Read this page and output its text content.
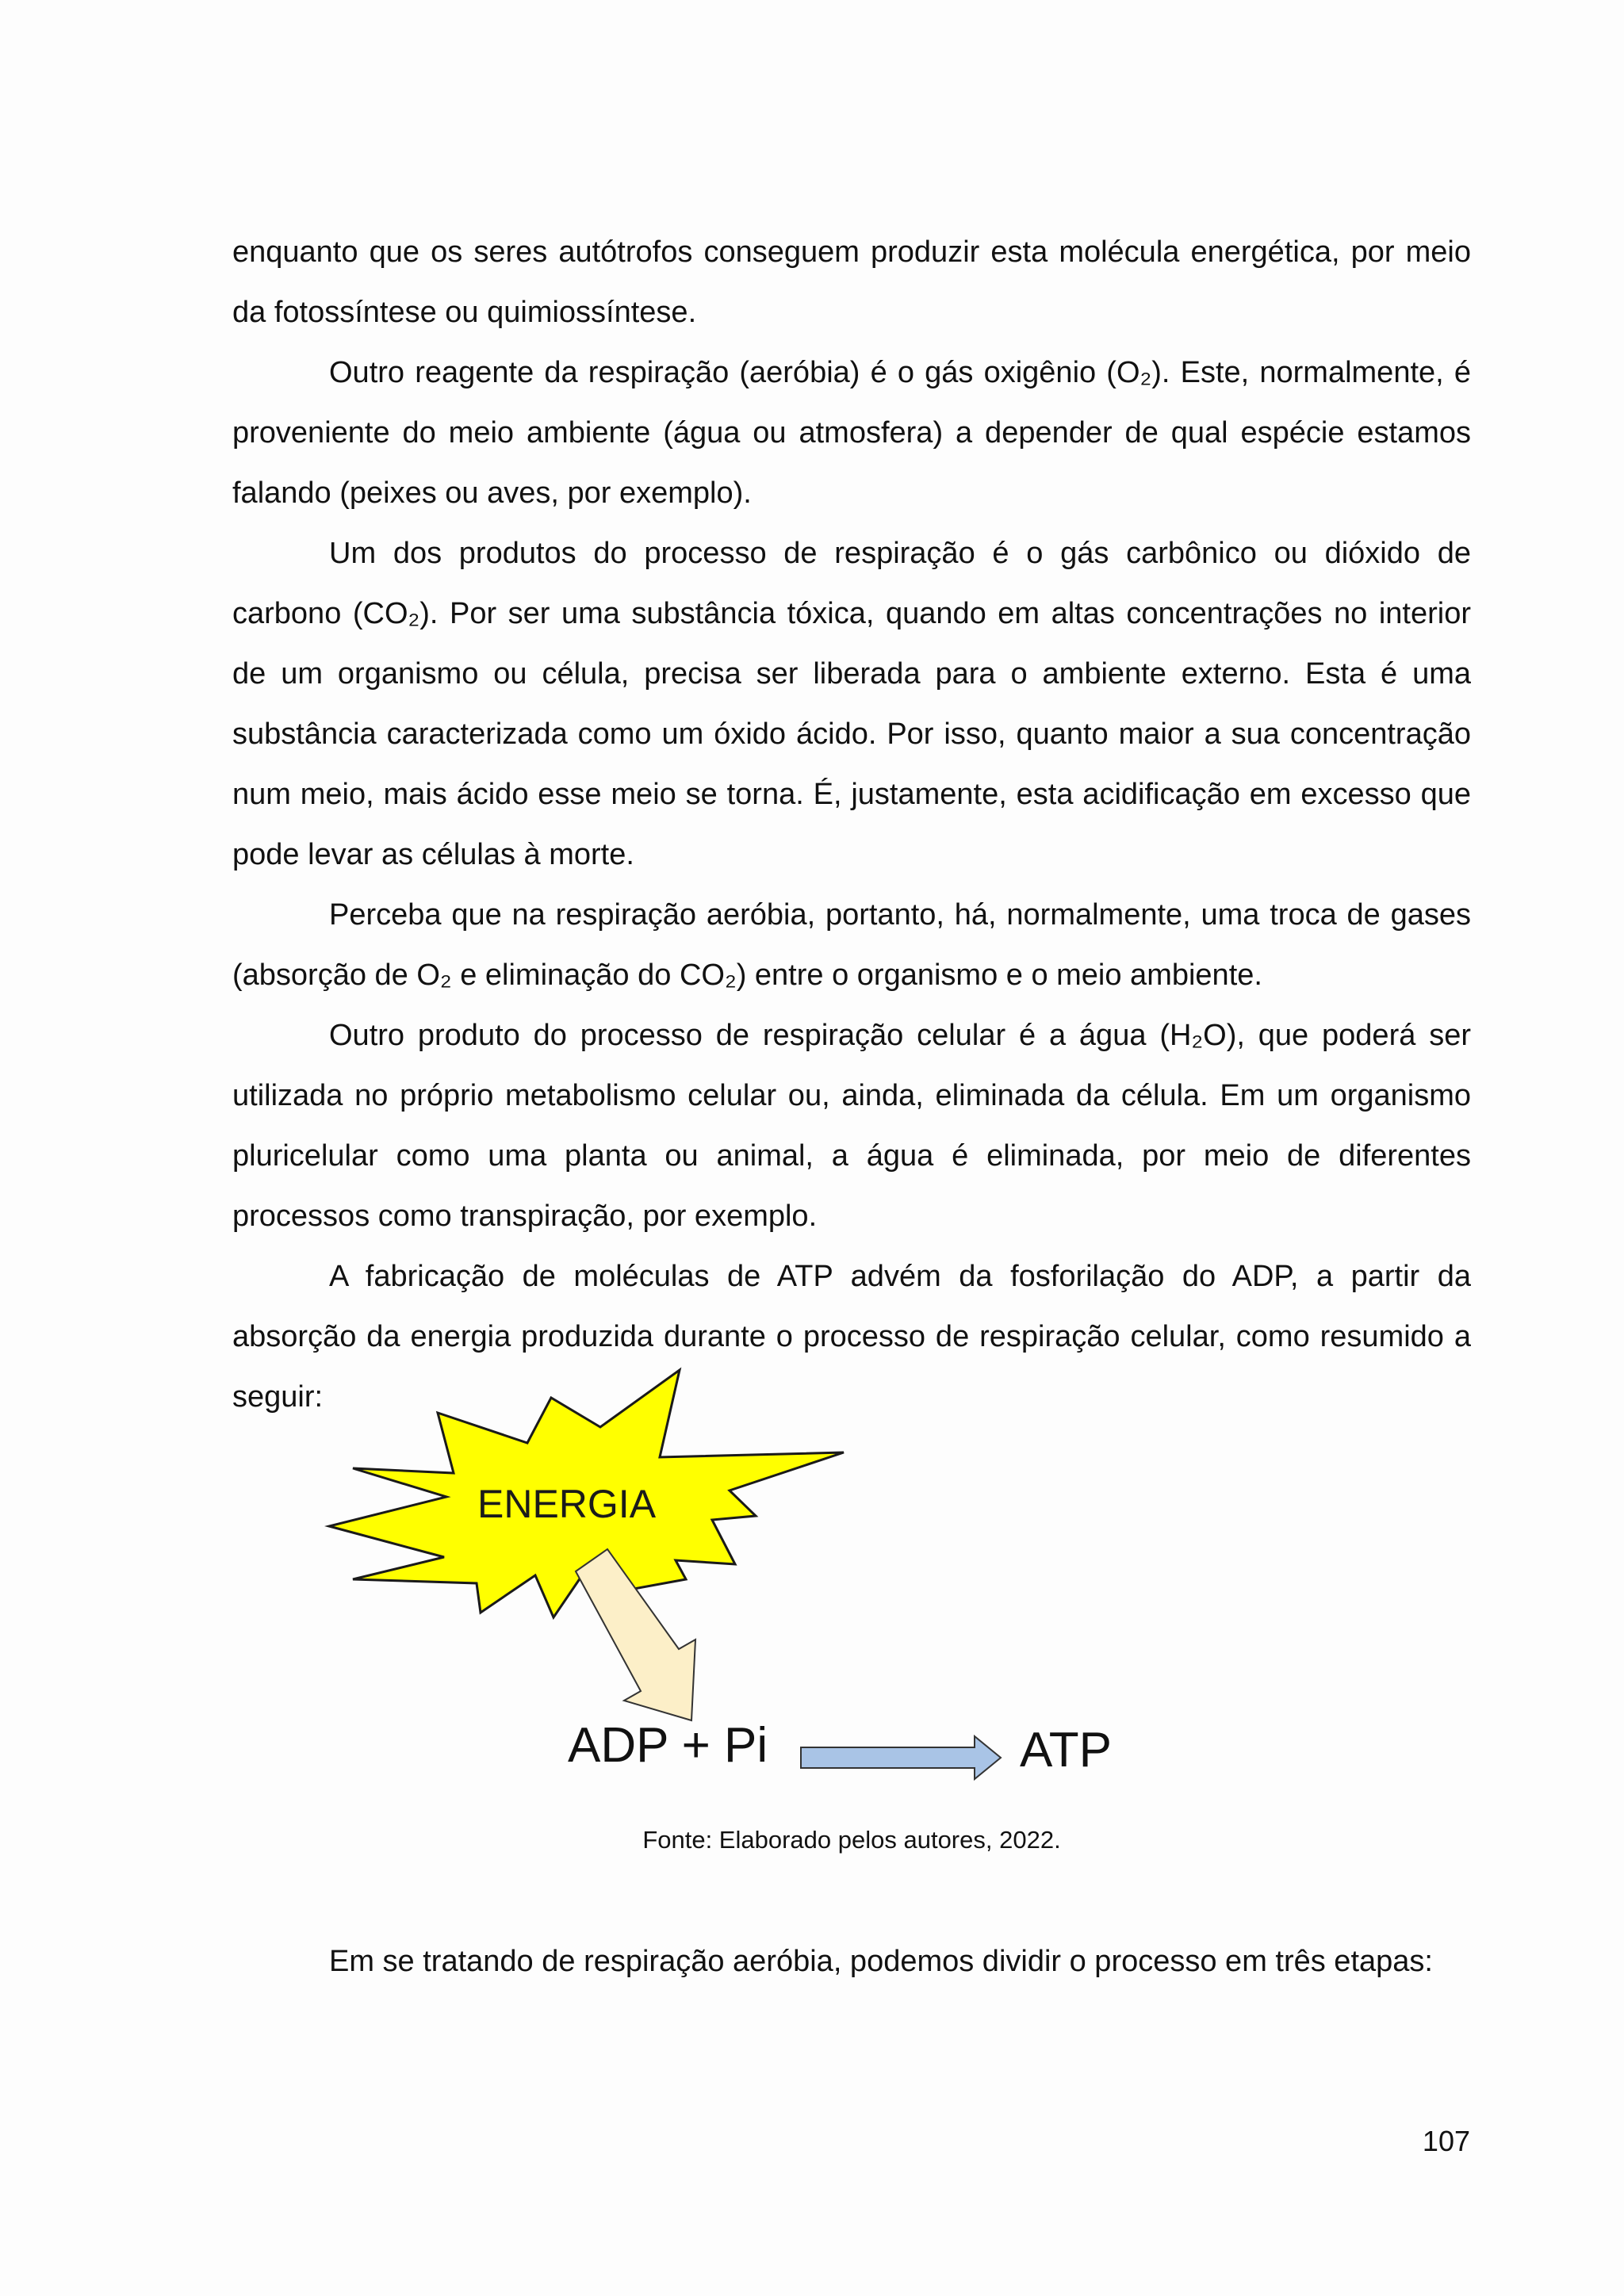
enquanto que os seres autótrofos conseguem produzir esta molécula energética, por meio da fotossíntese ou quimiossíntese.

Outro reagente da respiração (aeróbia) é o gás oxigênio (O₂). Este, normalmente, é proveniente do meio ambiente (água ou atmosfera) a depender de qual espécie estamos falando (peixes ou aves, por exemplo).

Um dos produtos do processo de respiração é o gás carbônico ou dióxido de carbono (CO₂). Por ser uma substância tóxica, quando em altas concentrações no interior de um organismo ou célula, precisa ser liberada para o ambiente externo. Esta é uma substância caracterizada como um óxido ácido. Por isso, quanto maior a sua concentração num meio, mais ácido esse meio se torna. É, justamente, esta acidificação em excesso que pode levar as células à morte.

Perceba que na respiração aeróbia, portanto, há, normalmente, uma troca de gases (absorção de O₂ e eliminação do CO₂) entre o organismo e o meio ambiente.

Outro produto do processo de respiração celular é a água (H₂O), que poderá ser utilizada no próprio metabolismo celular ou, ainda, eliminada da célula. Em um organismo pluricelular como uma planta ou animal, a água é eliminada, por meio de diferentes processos como transpiração, por exemplo.

A fabricação de moléculas de ATP advém da fosforilação do ADP, a partir da absorção da energia produzida durante o processo de respiração celular, como resumido a seguir:

ENERGIA
ADP + Pi	ATP
Fonte: Elaborado pelos autores, 2022.
Em se tratando de respiração aeróbia, podemos dividir o processo em três etapas:
107
